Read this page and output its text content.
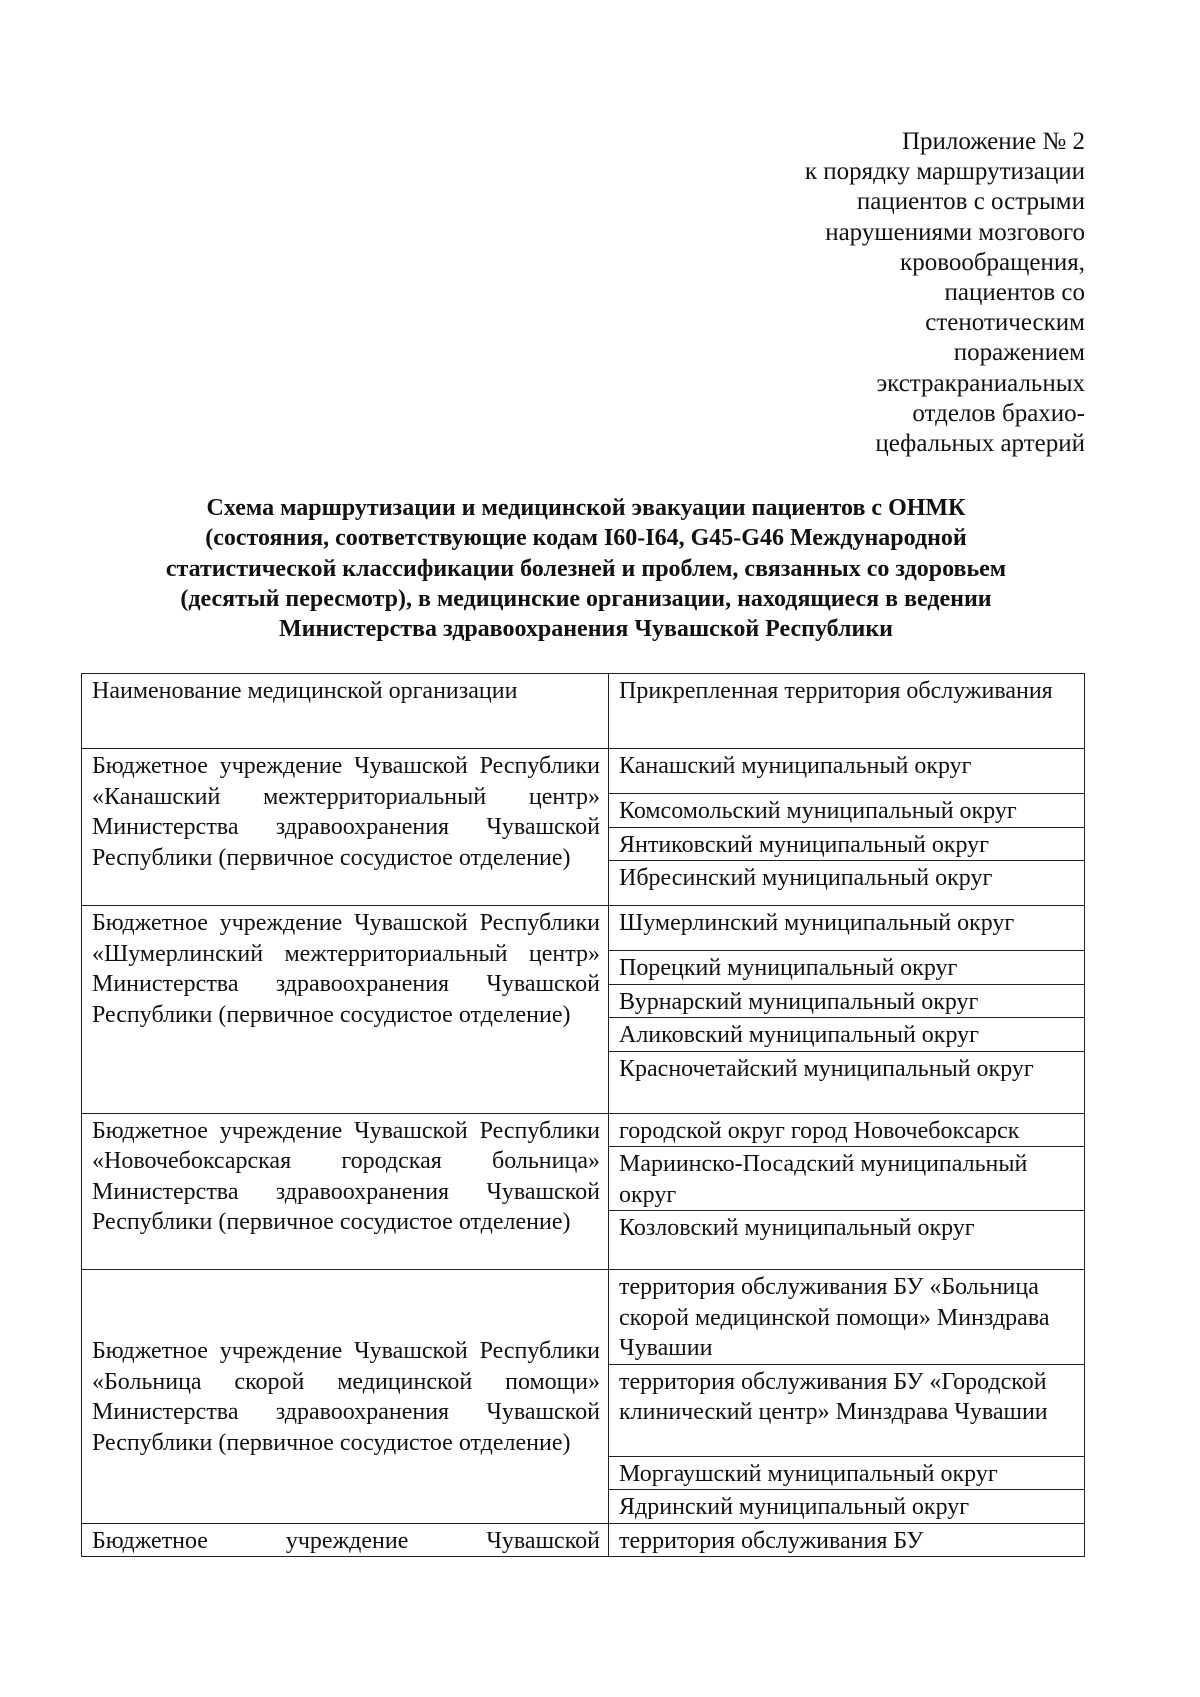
Приложение № 2
к порядку маршрутизации
пациентов с острыми
нарушениями мозгового
кровообращения,
пациентов со
стенотическим
поражением
экстракраниальных
отделов брахио-
цефальных артерий
Схема маршрутизации и медицинской эвакуации пациентов с ОНМК
(состояния, соответствующие кодам I60-I64, G45-G46 Международной
статистической классификации болезней и проблем, связанных со здоровьем
(десятый пересмотр), в медицинские организации, находящиеся в ведении
Министерства здравоохранения Чувашской Республики
Наименование медицинской организации	Прикрепленная территория обслуживания
Бюджетное учреждение Чувашской Республики «Канашский межтерриториальный центр» Министерства здравоохранения Чувашской Республики (первичное сосудистое отделение)	Канашский муниципальный округ
	Комсомольский муниципальный округ
	Янтиковский муниципальный округ
	Ибресинский муниципальный округ
Бюджетное учреждение Чувашской Республики «Шумерлинский межтерриториальный центр» Министерства здравоохранения Чувашской Республики (первичное сосудистое отделение)	Шумерлинский муниципальный округ
	Порецкий муниципальный округ
	Вурнарский муниципальный округ
	Аликовский муниципальный округ
	Красночетайский муниципальный округ
Бюджетное учреждение Чувашской Республики «Новочебоксарская городская больница» Министерства здравоохранения Чувашской Республики (первичное сосудистое отделение)	городской округ город Новочебоксарск
	Мариинско-Посадский муниципальный округ
	Козловский муниципальный округ
Бюджетное учреждение Чувашской Республики «Больница скорой медицинской помощи» Министерства здравоохранения Чувашской Республики (первичное сосудистое отделение)	территория обслуживания БУ «Больница скорой медицинской помощи» Минздрава Чувашии
	территория обслуживания БУ «Городской клинический центр» Минздрава Чувашии
	Моргаушский муниципальный округ
	Ядринский муниципальный округ
Бюджетное учреждение Чувашской	территория обслуживания БУ
